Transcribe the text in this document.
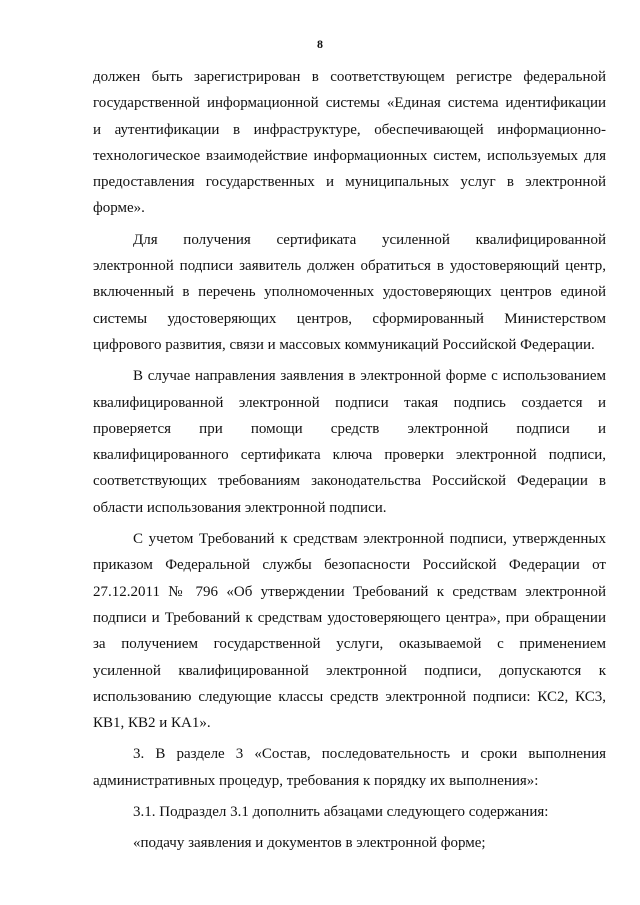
8
должен быть зарегистрирован в соответствующем регистре федеральной
государственной информационной системы «Единая система идентификации
и аутентификации в инфраструктуре, обеспечивающей информационно-
технологическое взаимодействие информационных систем, используемых для
предоставления государственных и муниципальных услуг в электронной
форме».
Для получения сертификата усиленной квалифицированной
электронной подписи заявитель должен обратиться в удостоверяющий центр,
включенный в перечень уполномоченных удостоверяющих центров единой
системы удостоверяющих центров, сформированный Министерством
цифрового развития, связи и массовых коммуникаций Российской Федерации.
В случае направления заявления в электронной форме с использованием
квалифицированной электронной подписи такая подпись создается и
проверяется при помощи средств электронной подписи и
квалифицированного сертификата ключа проверки электронной подписи,
соответствующих требованиям законодательства Российской Федерации в
области использования электронной подписи.
С учетом Требований к средствам электронной подписи, утвержденных
приказом Федеральной службы безопасности Российской Федерации от
27.12.2011 № 796 «Об утверждении Требований к средствам электронной
подписи и Требований к средствам удостоверяющего центра», при обращении
за получением государственной услуги, оказываемой с применением
усиленной квалифицированной электронной подписи, допускаются к
использованию следующие классы средств электронной подписи: КС2, КС3,
КВ1, КВ2 и КА1».
3. В разделе 3 «Состав, последовательность и сроки выполнения
административных процедур, требования к порядку их выполнения»:
3.1. Подраздел 3.1 дополнить абзацами следующего содержания:
«подачу заявления и документов в электронной форме;
